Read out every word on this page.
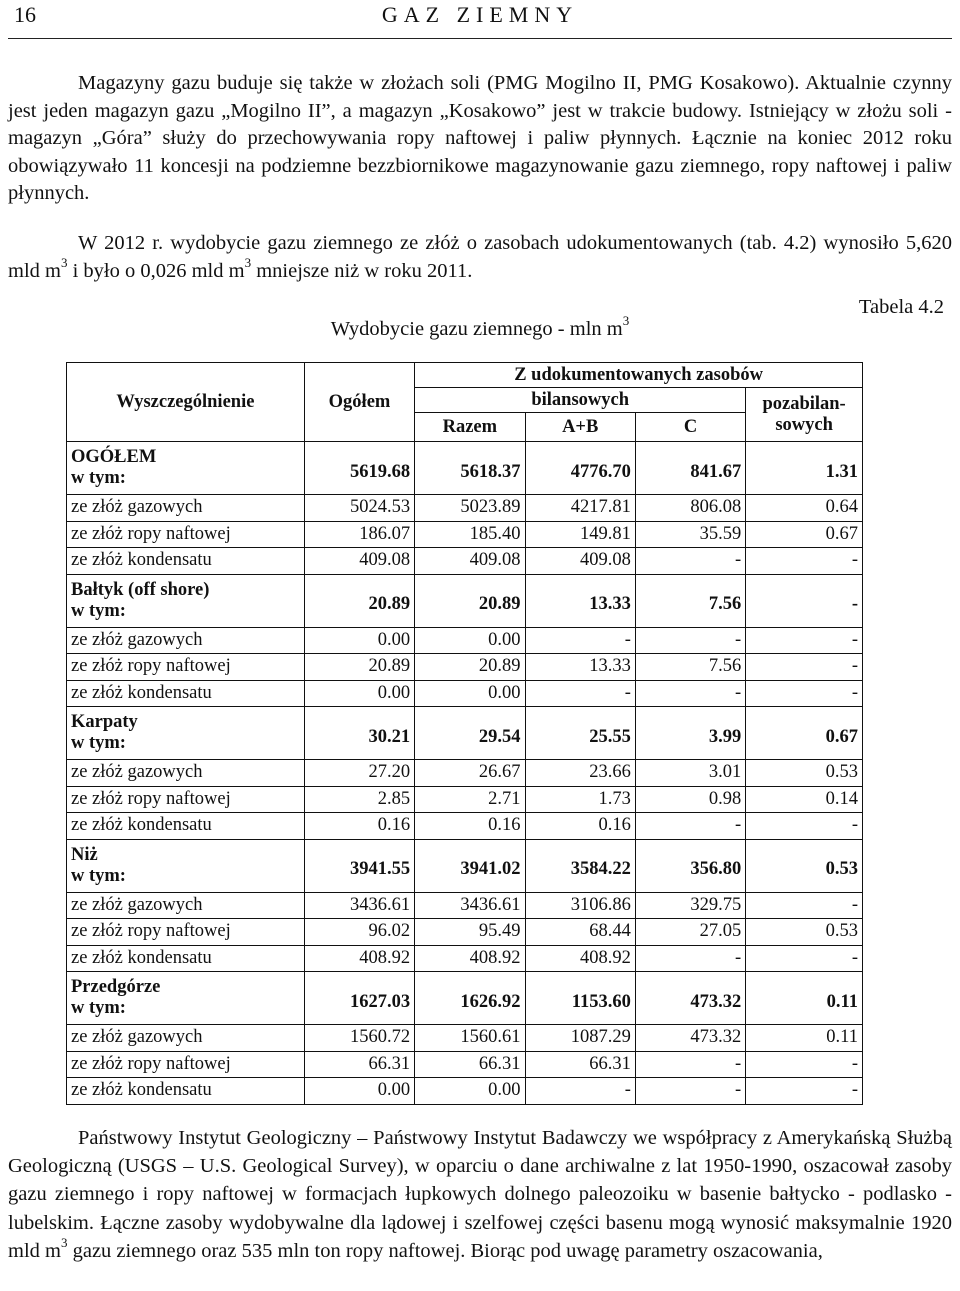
16	GAZ ZIEMNY

Magazyny gazu buduje się także w złożach soli (PMG Mogilno II, PMG Kosakowo). Aktualnie czynny jest jeden magazyn gazu „Mogilno II”, a magazyn „Kosakowo” jest w trakcie budowy. Istniejący w złożu soli - magazyn „Góra” służy do przechowywania ropy naftowej i paliw płynnych. Łącznie na koniec 2012 roku obowiązywało 11 koncesji na podziemne bezzbiornikowe magazynowanie gazu ziemnego, ropy naftowej i paliw płynnych.

W 2012 r. wydobycie gazu ziemnego ze złóż o zasobach udokumentowanych (tab. 4.2) wynosiło 5,620 mld $m^3$ i było o 0,026 mld $m^3$ mniejsze niż w roku 2011.

Tabela 4.2
Wydobycie gazu ziemnego - mln $m^3$
Wyszczególnienie	Ogółem	Z udokumentowanych zasobów			
		bilansowych			pozabilan-
sowych

		Razem	A+B	C	

OGÓŁEM
w tym:	5619.68	5618.37	4776.70	841.67	1.31
ze złóż gazowych	5024.53	5023.89	4217.81	806.08	0.64
ze złóż ropy naftowej	186.07	185.40	149.81	35.59	0.67
ze złóż kondensatu	409.08	409.08	409.08	-	-

Bałtyk (off shore)
w tym:	20.89	20.89	13.33	7.56	-
ze złóż gazowych	0.00	0.00	-	-	-
ze złóż ropy naftowej	20.89	20.89	13.33	7.56	-
ze złóż kondensatu	0.00	0.00	-	-	-

Karpaty
w tym:	30.21	29.54	25.55	3.99	0.67
ze złóż gazowych	27.20	26.67	23.66	3.01	0.53
ze złóż ropy naftowej	2.85	2.71	1.73	0.98	0.14
ze złóż kondensatu	0.16	0.16	0.16	-	-

Niż
w tym:	3941.55	3941.02	3584.22	356.80	0.53
ze złóż gazowych	3436.61	3436.61	3106.86	329.75	-
ze złóż ropy naftowej	96.02	95.49	68.44	27.05	0.53
ze złóż kondensatu	408.92	408.92	408.92	-	-

Przedgórze
w tym:	1627.03	1626.92	1153.60	473.32	0.11
ze złóż gazowych	1560.72	1560.61	1087.29	473.32	0.11
ze złóż ropy naftowej	66.31	66.31	66.31	-	-
ze złóż kondensatu	0.00	0.00	-	-	-

Państwowy Instytut Geologiczny – Państwowy Instytut Badawczy we współpracy z Amerykańską Służbą Geologiczną (USGS – U.S. Geological Survey), w oparciu o dane archiwalne z lat 1950-1990, oszacował zasoby gazu ziemnego i ropy naftowej w formacjach łupkowych dolnego paleozoiku w basenie bałtycko - podlasko - lubelskim. Łączne zasoby wydobywalne dla lądowej i szelfowej części basenu mogą wynosić maksymalnie 1920 mld $m^3$ gazu ziemnego oraz 535 mln ton ropy naftowej. Biorąc pod uwagę parametry oszacowania,
